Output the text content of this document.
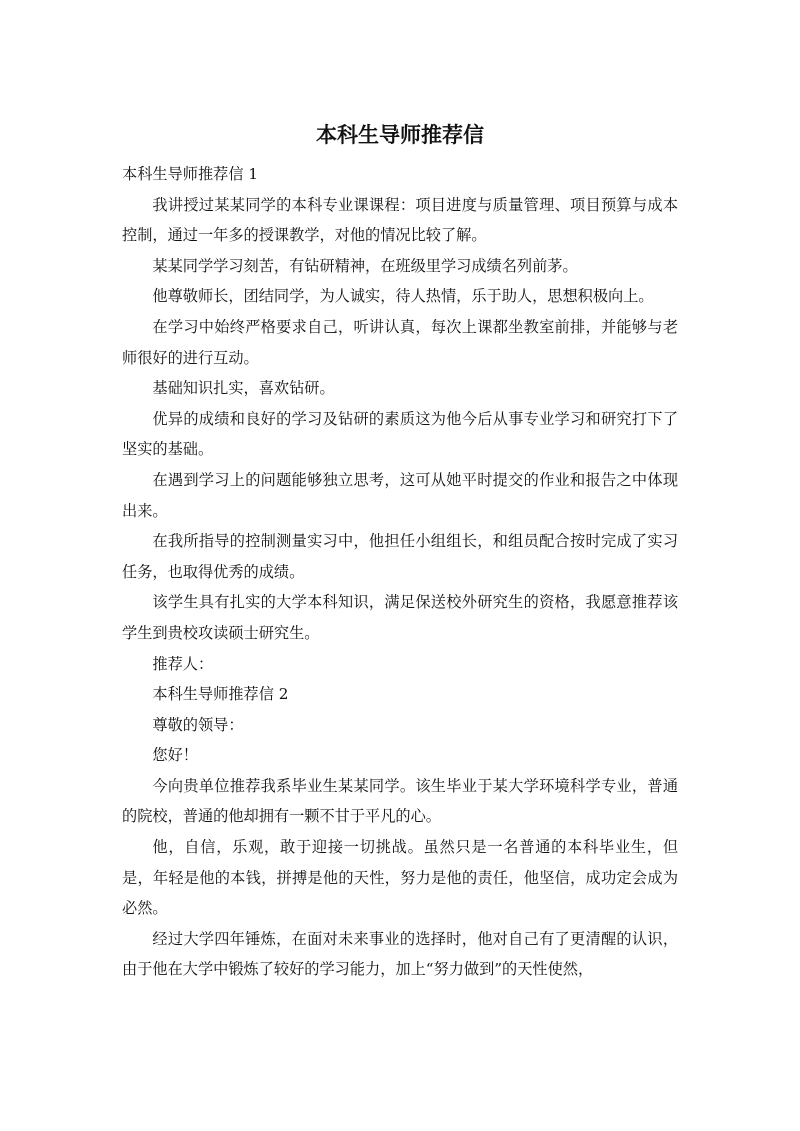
本科生导师推荐信

本科生导师推荐信 1

我讲授过某某同学的本科专业课课程：项目进度与质量管理、项目预算与成本控制，通过一年多的授课教学，对他的情况比较了解。

某某同学学习刻苦，有钻研精神，在班级里学习成绩名列前茅。

他尊敬师长，团结同学，为人诚实，待人热情，乐于助人，思想积极向上。

在学习中始终严格要求自己，听讲认真，每次上课都坐教室前排，并能够与老师很好的进行互动。

基础知识扎实，喜欢钻研。

优异的成绩和良好的学习及钻研的素质这为他今后从事专业学习和研究打下了坚实的基础。

在遇到学习上的问题能够独立思考，这可从她平时提交的作业和报告之中体现出来。

在我所指导的控制测量实习中，他担任小组组长，和组员配合按时完成了实习任务，也取得优秀的成绩。

该学生具有扎实的大学本科知识，满足保送校外研究生的资格，我愿意推荐该学生到贵校攻读硕士研究生。

推荐人：

本科生导师推荐信 2

尊敬的领导：

您好！

今向贵单位推荐我系毕业生某某同学。该生毕业于某大学环境科学专业，普通的院校，普通的他却拥有一颗不甘于平凡的心。

他，自信，乐观，敢于迎接一切挑战。虽然只是一名普通的本科毕业生，但是，年轻是他的本钱，拼搏是他的天性，努力是他的责任，他坚信，成功定会成为必然。

经过大学四年锤炼，在面对未来事业的选择时，他对自己有了更清醒的认识，由于他在大学中锻炼了较好的学习能力，加上“努力做到”的天性使然，
